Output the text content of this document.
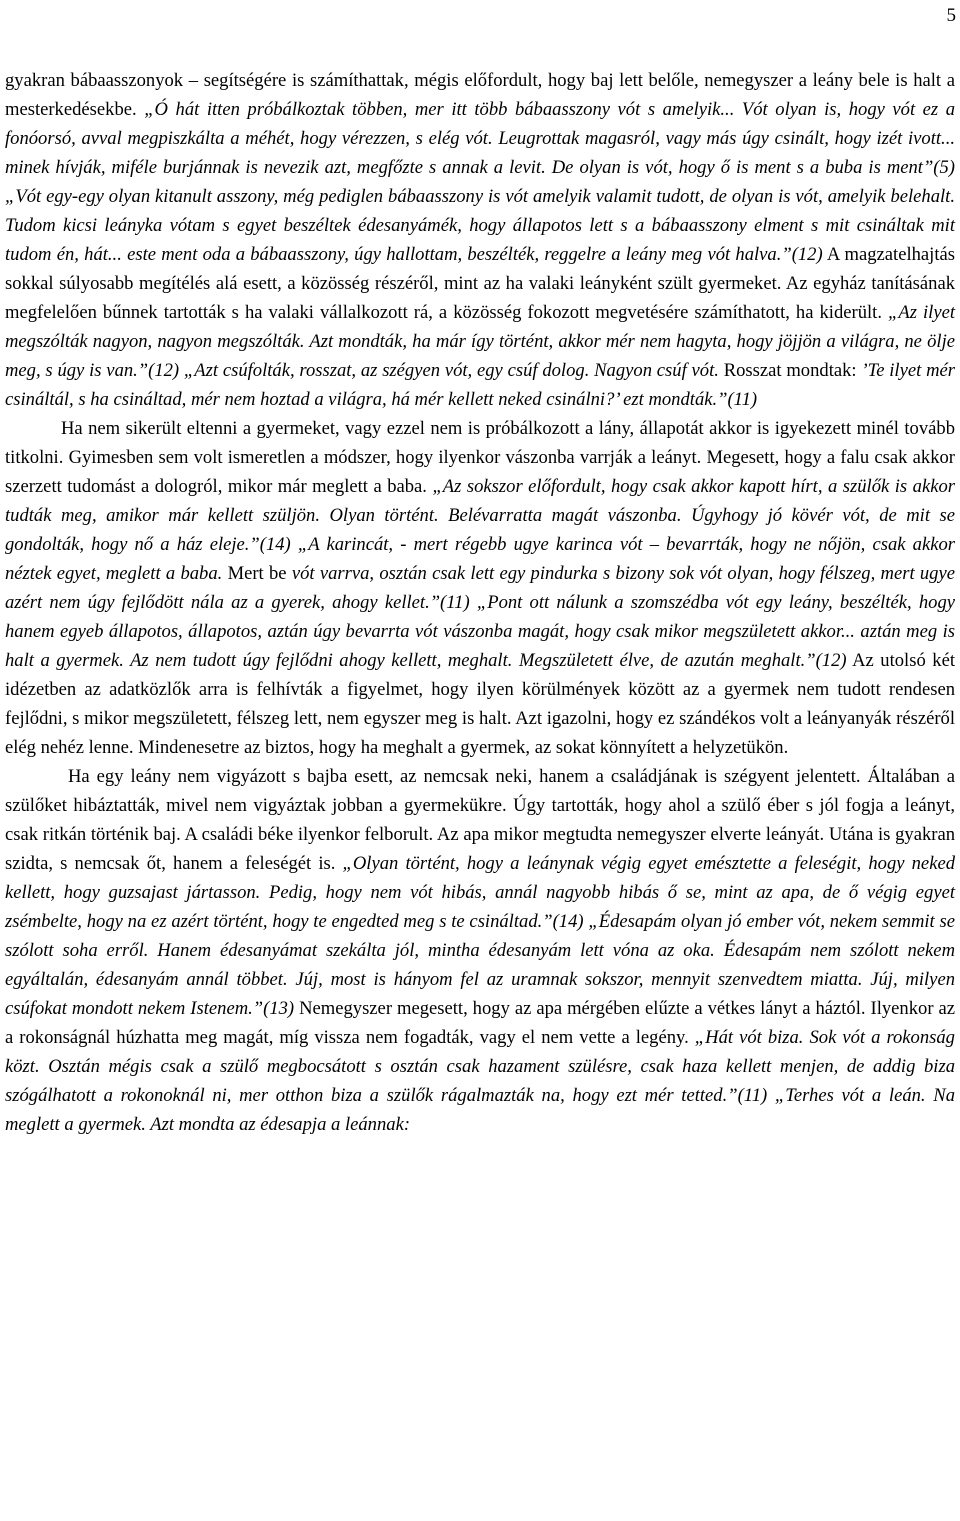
5

gyakran bábaasszonyok – segítségére is számíthattak, mégis előfordult, hogy baj lett belőle, nemegyszer a leány bele is halt a mesterkedésekbe. „Ó hát itten próbálkoztak többen, mer itt több bábaasszony vót s amelyik... Vót olyan is, hogy vót ez a fonóorsó, avval megpiszkálta a méhét, hogy vérezzen, s elég vót. Leugrottak magasról, vagy más úgy csinált, hogy izét ivott... minek hívják, miféle burjánnak is nevezik azt, megfőzte s annak a levit. De olyan is vót, hogy ő is ment s a buba is ment”(5) „Vót egy-egy olyan kitanult asszony, még pediglen bábaasszony is vót amelyik valamit tudott, de olyan is vót, amelyik belehalt. Tudom kicsi leányka vótam s egyet beszéltek édesanyámék, hogy állapotos lett s a bábaasszony elment s mit csináltak mit tudom én, hát... este ment oda a bábaasszony, úgy hallottam, beszélték, reggelre a leány meg vót halva.”(12) A magzatelhajtás sokkal súlyosabb megítélés alá esett, a közösség részéről, mint az ha valaki leányként szült gyermeket. Az egyház tanításának megfelelően bűnnek tartották s ha valaki vállalkozott rá, a közösség fokozott megvetésére számíthatott, ha kiderült. „Az ilyet megszólták nagyon, nagyon megszólták. Azt mondták, ha már így történt, akkor mér nem hagyta, hogy jöjjön a világra, ne ölje meg, s úgy is van.”(12) „Azt csúfolták, rosszat, az szégyen vót, egy csúf dolog. Nagyon csúf vót. Rosszat mondtak: ’Te ilyet mér csináltál, s ha csináltad, mér nem hoztad a világra, há mér kellett neked csinálni?’ ezt mondták.”(11)

Ha nem sikerült eltenni a gyermeket, vagy ezzel nem is próbálkozott a lány, állapotát akkor is igyekezett minél tovább titkolni. Gyimesben sem volt ismeretlen a módszer, hogy ilyenkor vászonba varrják a leányt. Megesett, hogy a falu csak akkor szerzett tudomást a dologról, mikor már meglett a baba. „Az sokszor előfordult, hogy csak akkor kapott hírt, a szülők is akkor tudták meg, amikor már kellett szüljön. Olyan történt. Belévarratta magát vászonba. Úgyhogy jó kövér vót, de mit se gondolták, hogy nő a ház eleje.”(14) „A karincát, - mert régebb ugye karinca vót – bevarrták, hogy ne nőjön, csak akkor néztek egyet, meglett a baba. Mert be vót varrva, osztán csak lett egy pindurka s bizony sok vót olyan, hogy félszeg, mert ugye azért nem úgy fejlődött nála az a gyerek, ahogy kellet.”(11) „Pont ott nálunk a szomszédba vót egy leány, beszélték, hogy hanem egyeb állapotos, állapotos, aztán úgy bevarrta vót vászonba magát, hogy csak mikor megszületett akkor... aztán meg is halt a gyermek. Az nem tudott úgy fejlődni ahogy kellett, meghalt. Megszületett élve, de azután meghalt.”(12) Az utolsó két idézetben az adatközlők arra is felhívták a figyelmet, hogy ilyen körülmények között az a gyermek nem tudott rendesen fejlődni, s mikor megszületett, félszeg lett, nem egyszer meg is halt. Azt igazolni, hogy ez szándékos volt a leányanyák részéről elég nehéz lenne. Mindenesetre az biztos, hogy ha meghalt a gyermek, az sokat könnyített a helyzetükön.

Ha egy leány nem vigyázott s bajba esett, az nemcsak neki, hanem a családjának is szégyent jelentett. Általában a szülőket hibáztatták, mivel nem vigyáztak jobban a gyermekükre. Úgy tartották, hogy ahol a szülő éber s jól fogja a leányt, csak ritkán történik baj. A családi béke ilyenkor felborult. Az apa mikor megtudta nemegyszer elverte leányát. Utána is gyakran szidta, s nemcsak őt, hanem a feleségét is. „Olyan történt, hogy a leánynak végig egyet emésztette a feleségit, hogy neked kellett, hogy guzsajast jártasson. Pedig, hogy nem vót hibás, annál nagyobb hibás ő se, mint az apa, de ő végig egyet zsémbelte, hogy na ez azért történt, hogy te engedted meg s te csináltad.”(14) „Édesapám olyan jó ember vót, nekem semmit se szólott soha erről. Hanem édesanyámat szekálta jól, mintha édesanyám lett vóna az oka. Édesapám nem szólott nekem egyáltalán, édesanyám annál többet. Júj, most is hányom fel az uramnak sokszor, mennyit szenvedtem miatta. Júj, milyen csúfokat mondott nekem Istenem.”(13) Nemegyszer megesett, hogy az apa mérgében elűzte a vétkes lányt a háztól. Ilyenkor az a rokonságnál húzhatta meg magát, míg vissza nem fogadták, vagy el nem vette a legény. „Hát vót biza. Sok vót a rokonság közt. Osztán mégis csak a szülő megbocsátott s osztán csak hazament szülésre, csak haza kellett menjen, de addig biza szógálhatott a rokonoknál ni, mer otthon biza a szülők rágalmazták na, hogy ezt mér tetted.”(11) „Terhes vót a leán. Na meglett a gyermek. Azt mondta az édesapja a leánnak:
